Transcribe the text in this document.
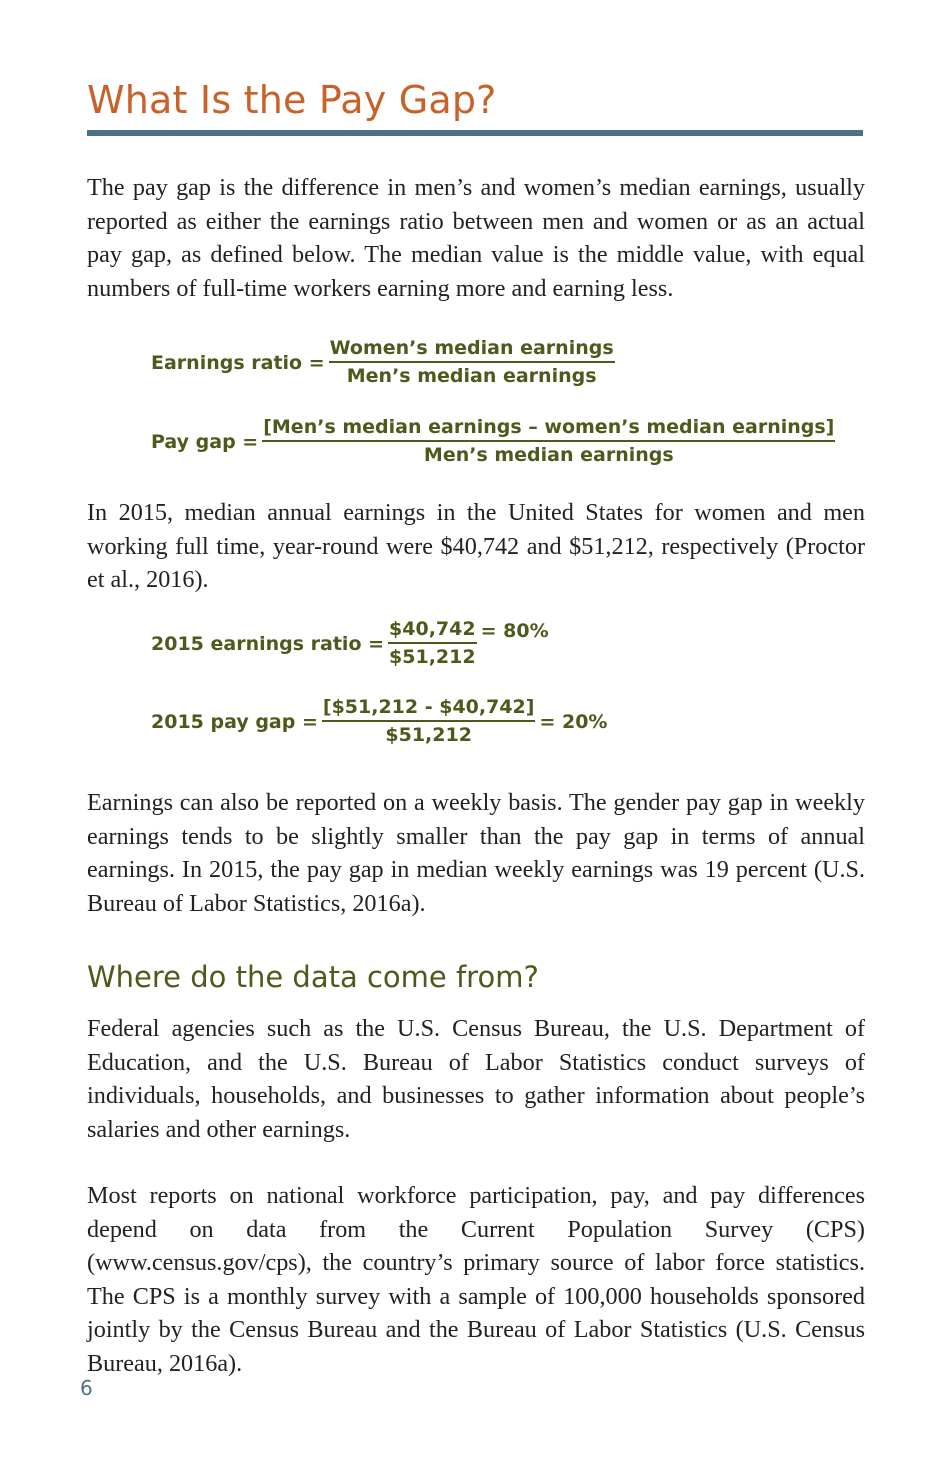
What Is the Pay Gap?

The pay gap is the difference in men’s and women’s median earnings, usually reported as either the earnings ratio between men and women or as an actual pay gap, as defined below. The median value is the middle value, with equal numbers of full-time workers earning more and earning less.

Earnings ratio = $\frac{\text{Women’s median earnings}}{\text{Men’s median earnings}}$
Pay gap = $\frac{\text{[Men’s median earnings – women’s median earnings]}}{\text{Men’s median earnings}}$

In 2015, median annual earnings in the United States for women and men working full time, year-round were $40,742 and $51,212, respectively (Proctor et al., 2016).

2015 earnings ratio = $\frac{\$40,742}{\$51,212} = 80\%$
2015 pay gap = $\frac{[\$51,212 - \$40,742]}{\$51,212} = 20\%$

Earnings can also be reported on a weekly basis. The gender pay gap in weekly earnings tends to be slightly smaller than the pay gap in terms of annual earnings. In 2015, the pay gap in median weekly earnings was 19 percent (U.S. Bureau of Labor Statistics, 2016a).

Where do the data come from?

Federal agencies such as the U.S. Census Bureau, the U.S. Department of Education, and the U.S. Bureau of Labor Statistics conduct surveys of individuals, households, and businesses to gather information about people’s salaries and other earnings.

Most reports on national workforce participation, pay, and pay differences depend on data from the Current Population Survey (CPS) (www.census.gov/cps), the country’s primary source of labor force statistics. The CPS is a monthly survey with a sample of 100,000 households sponsored jointly by the Census Bureau and the Bureau of Labor Statistics (U.S. Census Bureau, 2016a).

6
